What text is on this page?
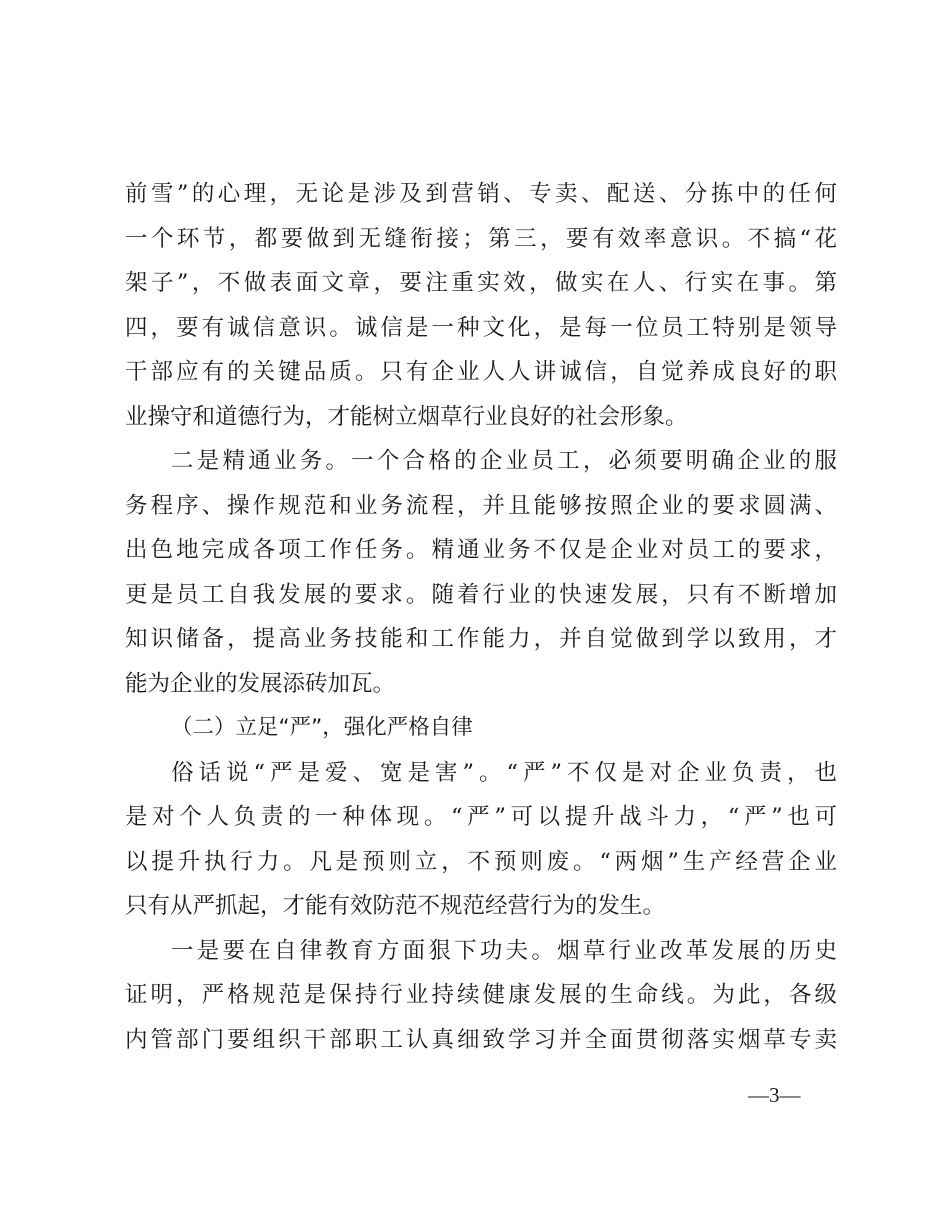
前雪”的心理，无论是涉及到营销、专卖、配送、分拣中的任何
一个环节，都要做到无缝衔接；第三，要有效率意识。不搞“花
架子”，不做表面文章，要注重实效，做实在人、行实在事。第
四，要有诚信意识。诚信是一种文化，是每一位员工特别是领导
干部应有的关键品质。只有企业人人讲诚信，自觉养成良好的职
业操守和道德行为，才能树立烟草行业良好的社会形象。
二是精通业务。一个合格的企业员工，必须要明确企业的服
务程序、操作规范和业务流程，并且能够按照企业的要求圆满、
出色地完成各项工作任务。精通业务不仅是企业对员工的要求，
更是员工自我发展的要求。随着行业的快速发展，只有不断增加
知识储备，提高业务技能和工作能力，并自觉做到学以致用，才
能为企业的发展添砖加瓦。
（二）立足“严”，强化严格自律
俗话说“严是爱、宽是害”。“严”不仅是对企业负责，也
是对个人负责的一种体现。“严”可以提升战斗力，“严”也可
以提升执行力。凡是预则立，不预则废。“两烟”生产经营企业
只有从严抓起，才能有效防范不规范经营行为的发生。
一是要在自律教育方面狠下功夫。烟草行业改革发展的历史
证明，严格规范是保持行业持续健康发展的生命线。为此，各级
内管部门要组织干部职工认真细致学习并全面贯彻落实烟草专卖
—3—
